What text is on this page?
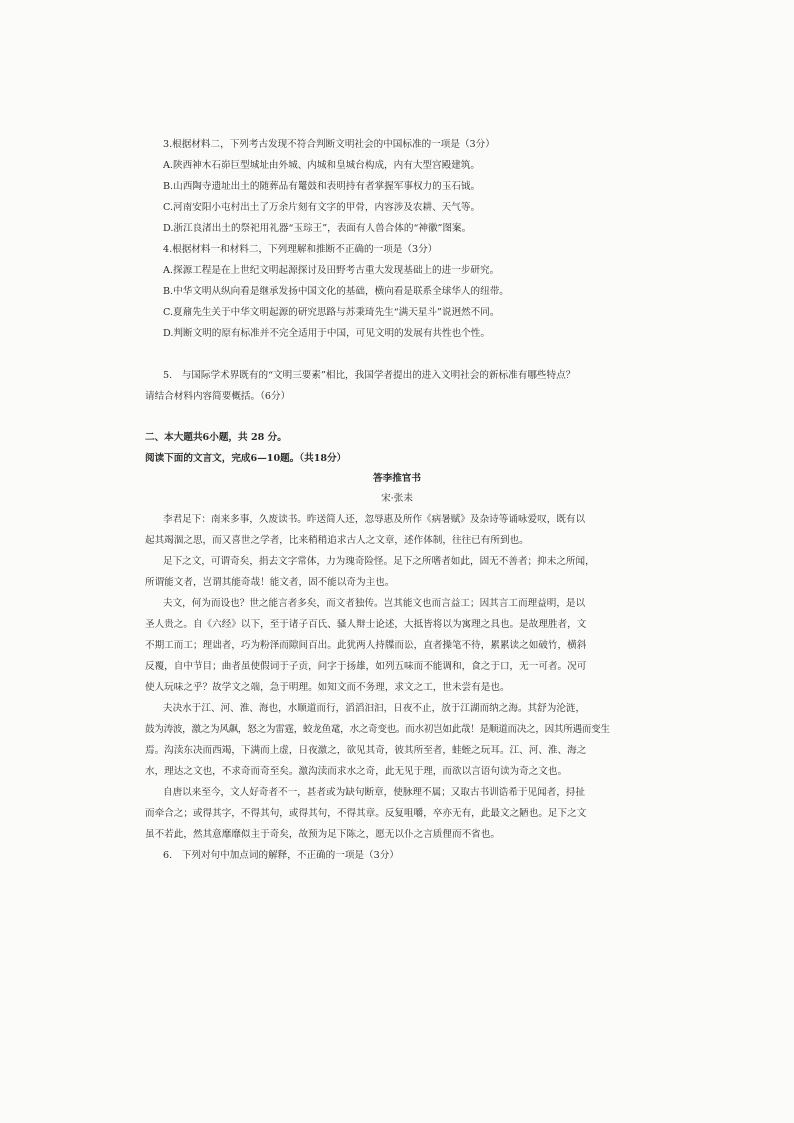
3.根据材料二，下列考古发现不符合判断文明社会的中国标准的一项是（3分）
A.陕西神木石峁巨型城址由外城、内城和皇城台构成，内有大型宫殿建筑。
B.山西陶寺遗址出土的随葬品有鼍鼓和表明持有者掌握军事权力的玉石钺。
C.河南安阳小屯村出土了万余片刻有文字的甲骨，内容涉及农耕、天气等。
D.浙江良渚出土的祭祀用礼器“玉琮王”，表面有人兽合体的“神徽”图案。
4.根据材料一和材料二，下列理解和推断不正确的一项是（3分）
A.探源工程是在上世纪文明起源探讨及田野考古重大发现基础上的进一步研究。
B.中华文明从纵向看是继承发扬中国文化的基础，横向看是联系全球华人的纽带。
C.夏鼐先生关于中华文明起源的研究思路与苏秉琦先生“满天星斗”说迥然不同。
D.判断文明的原有标准并不完全适用于中国，可见文明的发展有共性也个性。
5.　与国际学术界既有的“文明三要素”相比，我国学者提出的进入文明社会的新标准有哪些特点？
请结合材料内容简要概括。（6分）
二、本大题共6小题，共 28 分。
阅读下面的文言文，完成6—10题。（共18分）
答李推官书
宋·张耒
李君足下：南来多事，久废读书。昨送简人还，忽辱惠及所作《病暑赋》及杂诗等诵咏爱叹，既有以
起其竭涸之思，而又喜世之学者，比来稍稍追求古人之文章，述作体制，往往已有所到也。
足下之文，可谓奇矣，捐去文字常体，力为瑰奇险怪。足下之所嗜者如此，固无不善者；抑未之所闻，
所谓能文者，岂谓其能奇哉！能文者，固不能以奇为主也。
夫文，何为而设也？世之能言者多矣，而文者独传。岂其能文也而言益工；因其言工而理益明，是以
圣人贵之。自《六经》以下，至于诸子百氏、骚人辩士论述，大抵皆将以为寓理之具也。是故理胜者，文
不期工而工；理诎者，巧为粉泽而隙间百出。此犹两人持牒而讼，直者操笔不待，累累读之如破竹，横斜
反覆，自中节目；曲者虽使假词于子贡，问字于扬雄，如列五味而不能调和，食之于口，无一可者。况可
使人玩味之乎？故学文之端，急于明理。如知文而不务理，求文之工，世未尝有是也。
夫决水于江、河、淮、海也，水顺道而行，滔滔汩汩，日夜不止，放于江湖而纳之海。其舒为沦涟，
鼓为涛波，激之为风飙，怒之为雷霆，蛟龙鱼鼋，水之奇变也。而水初岂如此哉！是顺道而决之，因其所遇而变生
焉。沟渎东决而西竭，下满而上虚，日夜激之，欲见其奇，彼其所至者，蛙蛭之玩耳。江、河、淮、海之
水，理达之文也，不求奇而奇至矣。激沟渎而求水之奇，此无见于理，而欲以言语句读为奇之文也。
自唐以来至今，文人好奇者不一，甚者或为缺句断章，使脉理不属；又取古书训诰希于见闻者，挦扯
而牵合之；或得其字，不得其句，或得其句，不得其章。反复咀嚼，卒亦无有，此最文之陋也。足下之文
虽不若此，然其意靡靡似主于奇矣，故预为足下陈之，愿无以仆之言质俚而不省也。
6.　下列对句中加点词的解释，不正确的一项是（3分）
